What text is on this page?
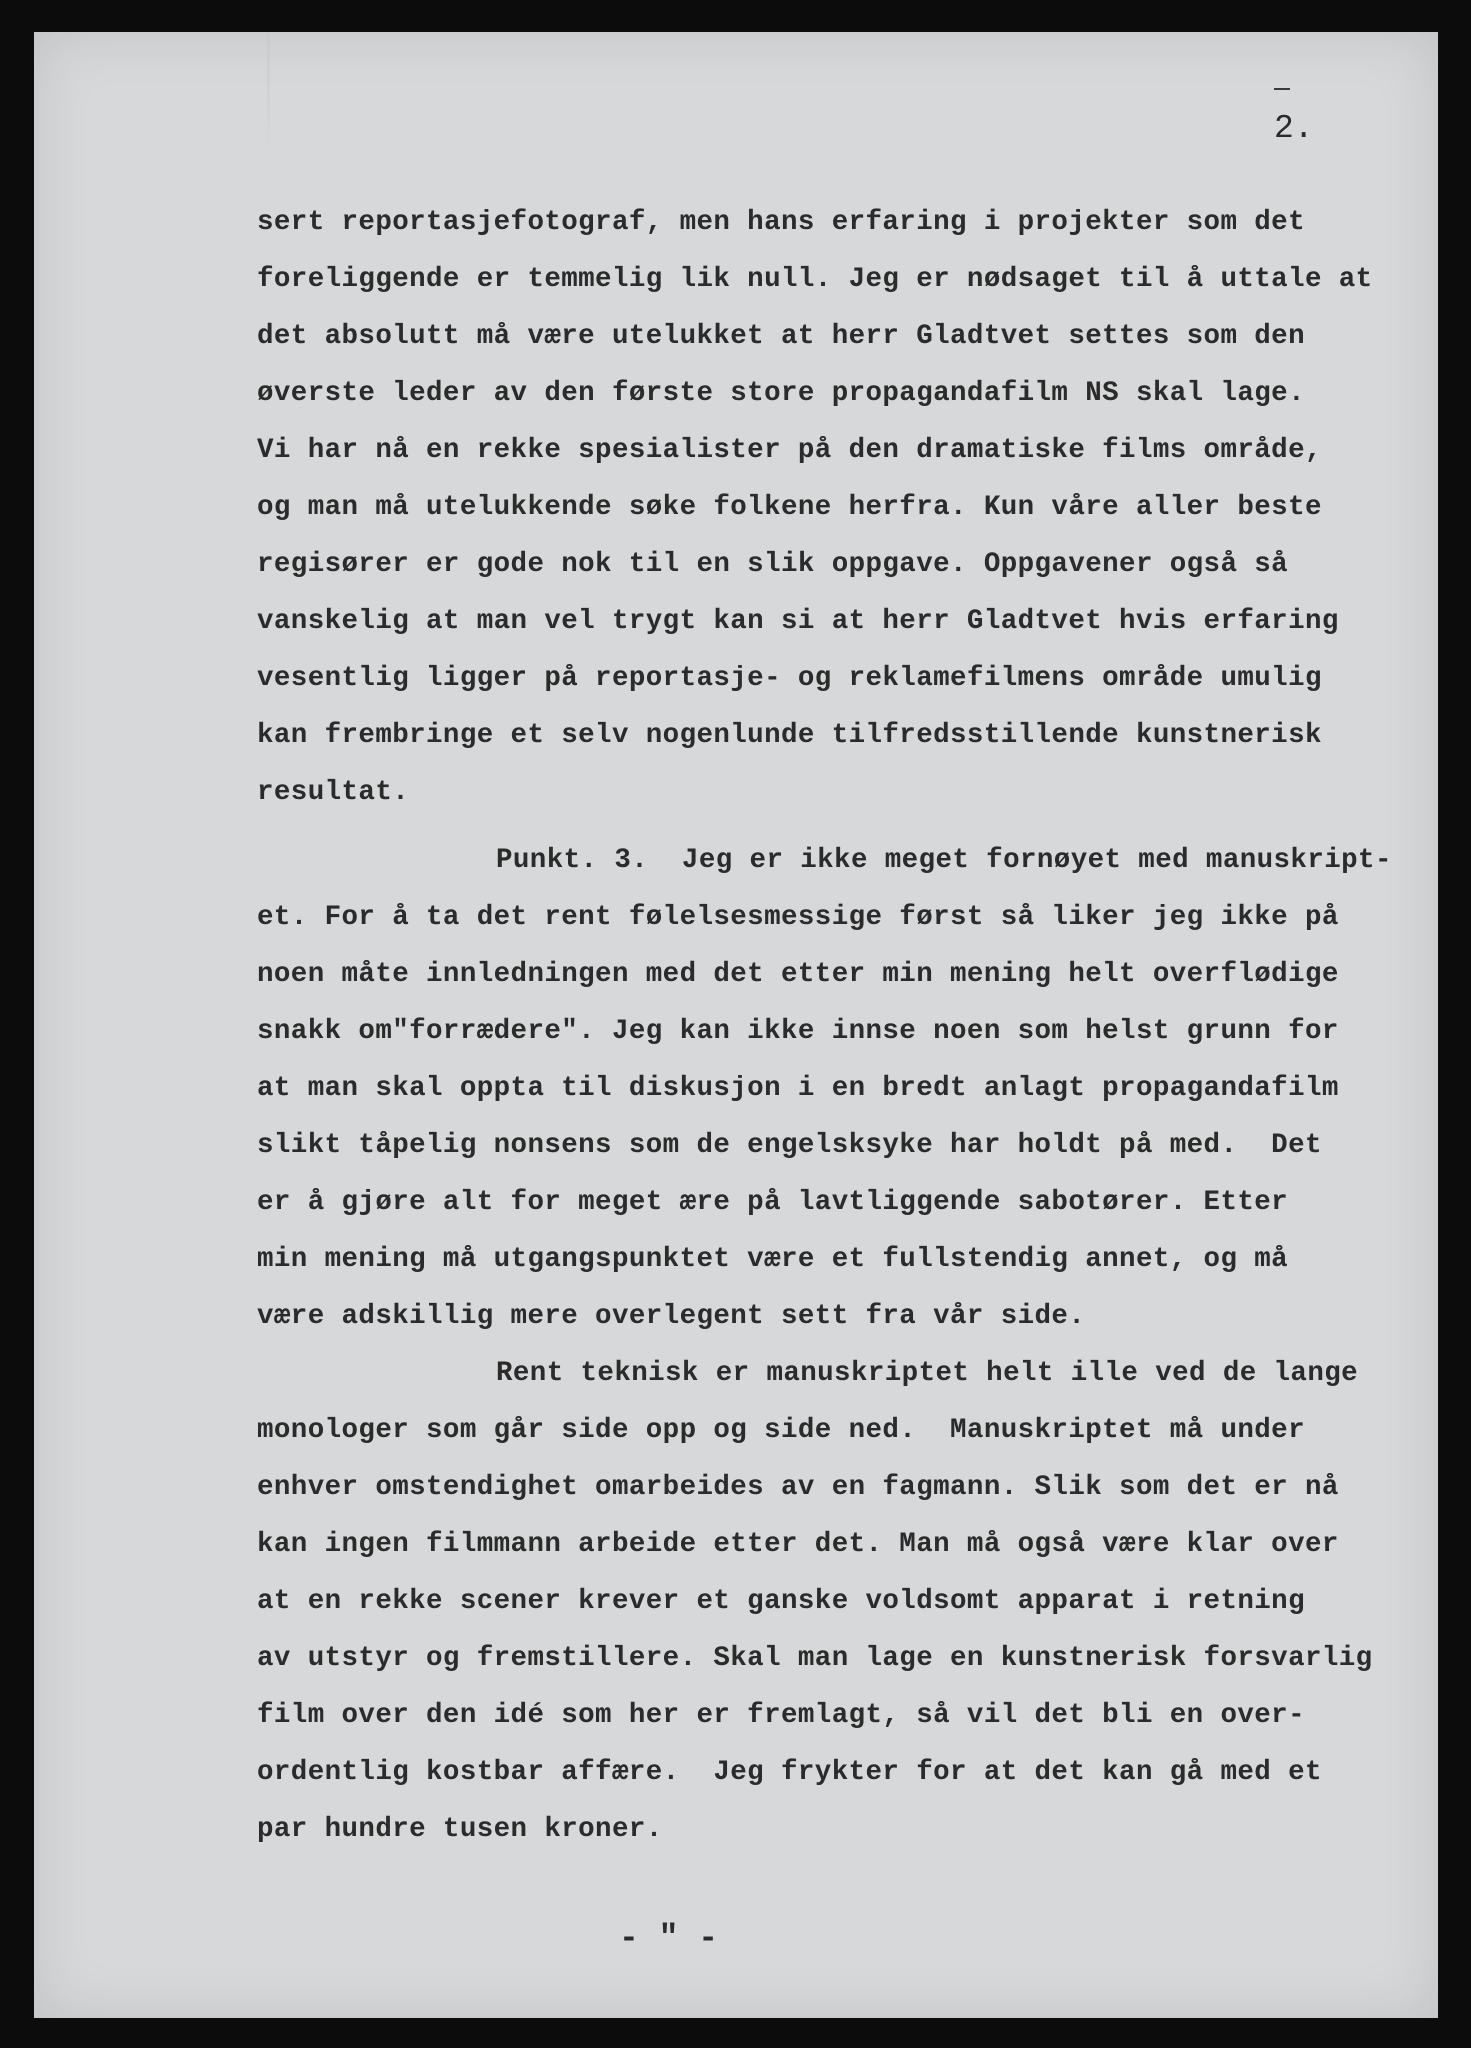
2.
sert reportasjefotograf, men hans erfaring i projekter som det
foreliggende er temmelig lik null. Jeg er nødsaget til å uttale at
det absolutt må være utelukket at herr Gladtvet settes som den
øverste leder av den første store propagandafilm NS skal lage.
Vi har nå en rekke spesialister på den dramatiske films område,
og man må utelukkende søke folkene herfra. Kun våre aller beste
regisører er gode nok til en slik oppgave. Oppgavener også så
vanskelig at man vel trygt kan si at herr Gladtvet hvis erfaring
vesentlig ligger på reportasje- og reklamefilmens område umulig
kan frembringe et selv nogenlunde tilfredsstillende kunstnerisk
resultat.
Punkt. 3.  Jeg er ikke meget fornøyet med manuskript-
et. For å ta det rent følelsesmessige først så liker jeg ikke på
noen måte innledningen med det etter min mening helt overflødige
snakk om"forrædere". Jeg kan ikke innse noen som helst grunn for
at man skal oppta til diskusjon i en bredt anlagt propagandafilm
slikt tåpelig nonsens som de engelsksyke har holdt på med.  Det
er å gjøre alt for meget ære på lavtliggende sabotører. Etter
min mening må utgangspunktet være et fullstendig annet, og må
være adskillig mere overlegent sett fra vår side.
Rent teknisk er manuskriptet helt ille ved de lange
monologer som går side opp og side ned.  Manuskriptet må under
enhver omstendighet omarbeides av en fagmann. Slik som det er nå
kan ingen filmmann arbeide etter det. Man må også være klar over
at en rekke scener krever et ganske voldsomt apparat i retning
av utstyr og fremstillere. Skal man lage en kunstnerisk forsvarlig
film over den idé som her er fremlagt, så vil det bli en over-
ordentlig kostbar affære.  Jeg frykter for at det kan gå med et
par hundre tusen kroner.
- " -
